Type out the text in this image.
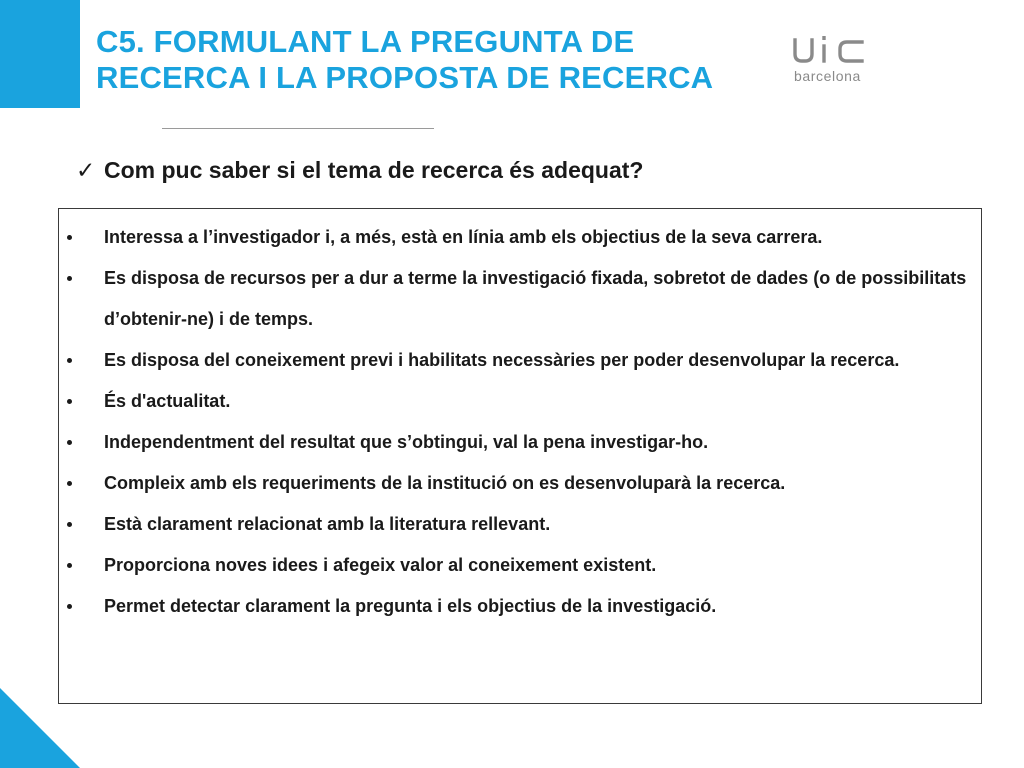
C5. FORMULANT LA PREGUNTA DE
RECERCA I LA PROPOSTA DE RECERCA	barcelona

✓ Com puc saber si el tema de recerca és adequat?

Interessa a l’investigador i, a més, està en línia amb els objectius de la seva carrera.
Es disposa de recursos per a dur a terme la investigació fixada, sobretot de dades (o de possibilitats d’obtenir-ne) i de temps.
Es disposa del coneixement previ i habilitats necessàries per poder desenvolupar la recerca.
És d'actualitat.
Independentment del resultat que s’obtingui, val la pena investigar-ho.
Compleix amb els requeriments de la institució on es desenvoluparà la recerca.
Està clarament relacionat amb la literatura rellevant.
Proporciona noves idees i afegeix valor al coneixement existent.
Permet detectar clarament la pregunta i els objectius de la investigació.
